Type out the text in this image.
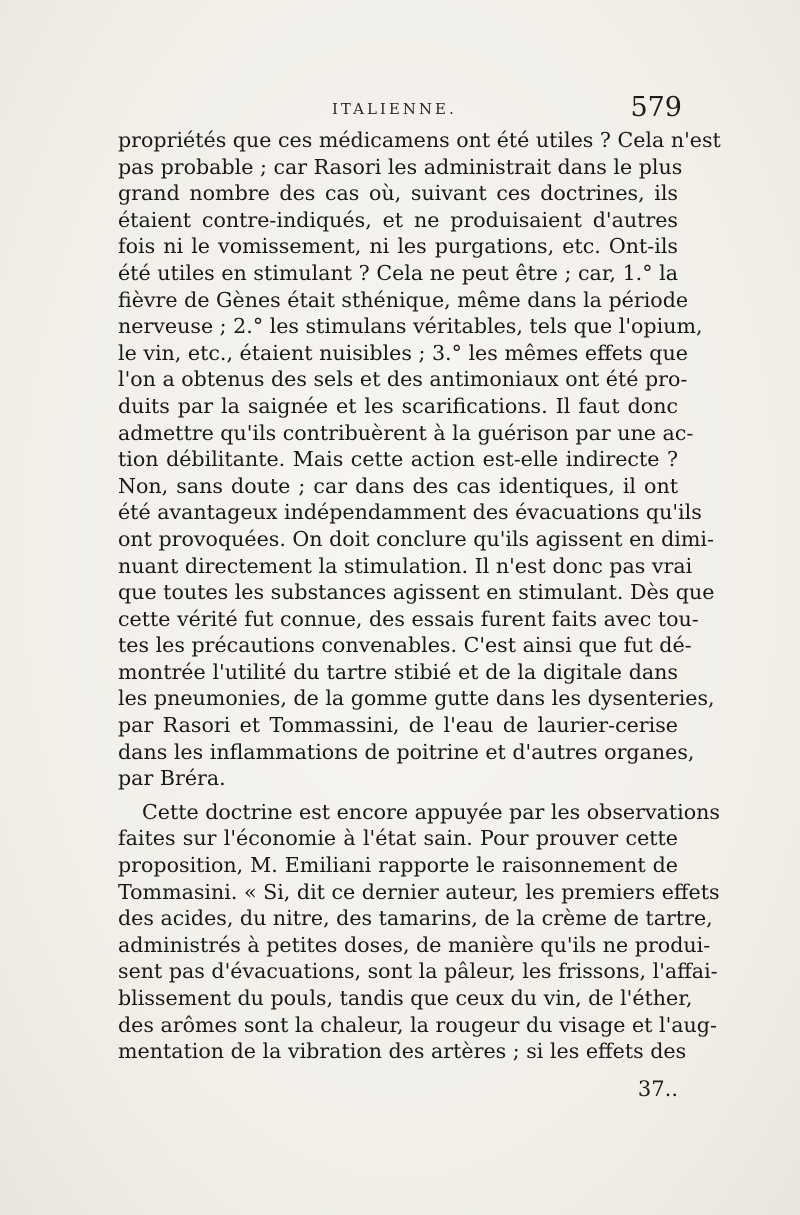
ITALIENNE.	579
propriétés que ces médicamens ont été utiles ? Cela n'est
pas probable ; car Rasori les administrait dans le plus
grand nombre des cas où, suivant ces doctrines, ils
étaient contre-indiqués, et ne produisaient d'autres
fois ni le vomissement, ni les purgations, etc. Ont-ils
été utiles en stimulant ? Cela ne peut être ; car, 1.° la
fièvre de Gènes était sthénique, même dans la période
nerveuse ; 2.° les stimulans véritables, tels que l'opium,
le vin, etc., étaient nuisibles ; 3.° les mêmes effets que
l'on a obtenus des sels et des antimoniaux ont été pro-
duits par la saignée et les scarifications. Il faut donc
admettre qu'ils contribuèrent à la guérison par une ac-
tion débilitante. Mais cette action est-elle indirecte ?
Non, sans doute ; car dans des cas identiques, il ont
été avantageux indépendamment des évacuations qu'ils
ont provoquées. On doit conclure qu'ils agissent en dimi-
nuant directement la stimulation. Il n'est donc pas vrai
que toutes les substances agissent en stimulant. Dès que
cette vérité fut connue, des essais furent faits avec tou-
tes les précautions convenables. C'est ainsi que fut dé-
montrée l'utilité du tartre stibié et de la digitale dans
les pneumonies, de la gomme gutte dans les dysenteries,
par Rasori et Tommassini, de l'eau de laurier-cerise
dans les inflammations de poitrine et d'autres organes,
par Bréra.
Cette doctrine est encore appuyée par les observations
faites sur l'économie à l'état sain. Pour prouver cette
proposition, M. Emiliani rapporte le raisonnement de
Tommasini. « Si, dit ce dernier auteur, les premiers effets
des acides, du nitre, des tamarins, de la crème de tartre,
administrés à petites doses, de manière qu'ils ne produi-
sent pas d'évacuations, sont la pâleur, les frissons, l'affai-
blissement du pouls, tandis que ceux du vin, de l'éther,
des arômes sont la chaleur, la rougeur du visage et l'aug-
mentation de la vibration des artères ; si les effets des
37..
